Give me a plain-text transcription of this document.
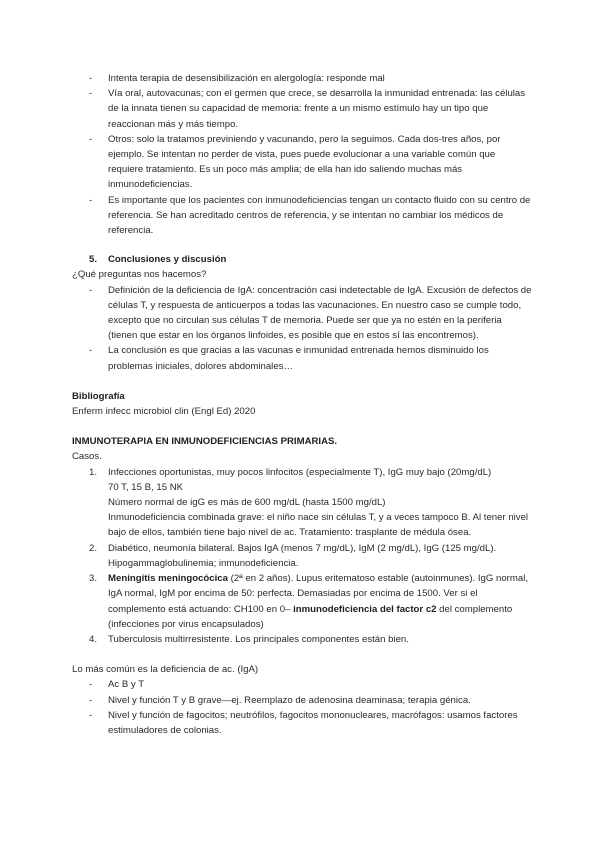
- Intenta terapia de desensibilización en alergología: responde mal
- Vía oral, autovacunas; con el germen que crece, se desarrolla la inmunidad entrenada: las células de la innata tienen su capacidad de memoria: frente a un mismo estímulo hay un tipo que reaccionan más y más tiempo.
- Otros: solo la tratamos previniendo y vacunando, pero la seguimos. Cada dos-tres años, por ejemplo. Se intentan no perder de vista, pues puede evolucionar a una variable común que requiere tratamiento. Es un poco más amplia; de ella han ido saliendo muchas más inmunodeficiencias.
- Es importante que los pacientes con inmunodeficiencias tengan un contacto fluido con su centro de referencia. Se han acreditado centros de referencia, y se intentan no cambiar los médicos de referencia.
5. Conclusiones y discusión

¿Qué preguntas nos hacemos?

- Definición de la deficiencia de IgA: concentración casi indetectable de IgA. Excusión de defectos de células T, y respuesta de anticuerpos a todas las vacunaciones. En nuestro caso se cumple todo, excepto que no circulan sus células T de memoria. Puede ser que ya no estén en la periferia (tienen que estar en los órganos linfoides, es posible que en estos sí las encontremos).
- La conclusión es que gracias a las vacunas e inmunidad entrenada hemos disminuido los problemas iniciales, dolores abdominales…

Bibliografía

Enferm infecc microbiol clin (Engl Ed) 2020

INMUNOTERAPIA EN INMUNODEFICIENCIAS PRIMARIAS.

Casos.

1. Infecciones oportunistas, muy pocos linfocitos (especialmente T), IgG muy bajo (20mg/dL)
70 T, 15 B, 15 NK
Número normal de igG es más de 600 mg/dL (hasta 1500 mg/dL)
Inmunodeficiencia combinada grave: el niño nace sin células T, y a veces tampoco B. Al tener nivel bajo de ellos, también tiene bajo nivel de ac. Tratamiento: trasplante de médula ósea.
2. Diabético, neumonía bilateral. Bajos IgA (menos 7 mg/dL), IgM (2 mg/dL), IgG (125 mg/dL). Hipogammaglobulinemia; inmunodeficiencia.
3. Meningitis meningocócica (2ª en 2 años). Lupus eritematoso estable (autoinmunes). IgG normal, IgA normal, IgM por encima de 50: perfecta. Demasiadas por encima de 1500. Ver si el complemento está actuando: CH100 en 0– inmunodeficiencia del factor c2 del complemento (infecciones por virus encapsulados)
4. Tuberculosis multirresistente. Los principales componentes están bien.

Lo más común es la deficiencia de ac. (IgA)

- Ac B y T
- Nivel y función T y B grave—ej. Reemplazo de adenosina deaminasa; terapia génica.
- Nivel y función de fagocitos; neutrófilos, fagocitos mononucleares, macrófagos: usamos factores estimuladores de colonias.
